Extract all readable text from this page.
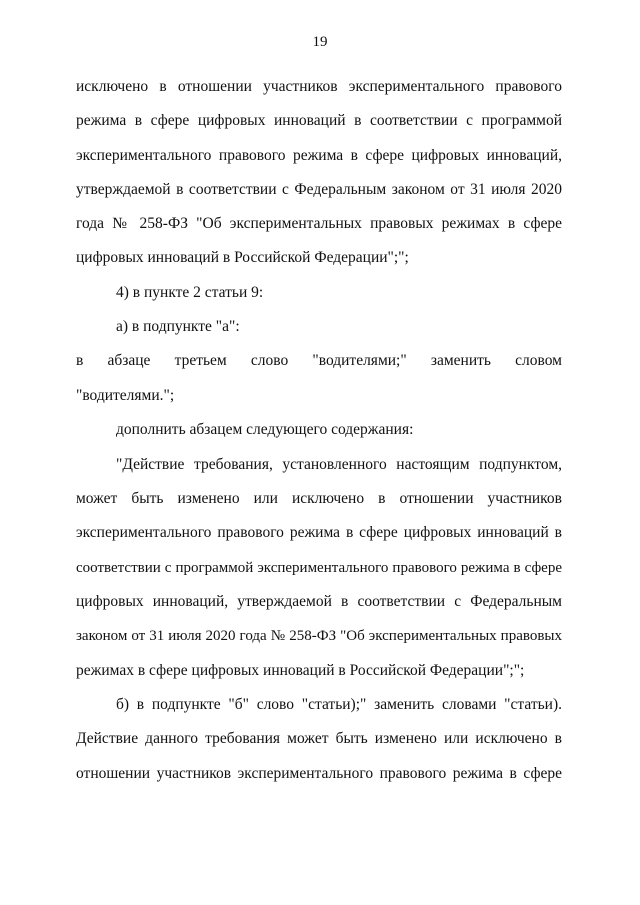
19
исключено в отношении участников экспериментального правового
режима в сфере цифровых инноваций в соответствии с программой
экспериментального правового режима в сфере цифровых инноваций,
утверждаемой в соответствии с Федеральным законом от 31 июля 2020
года № 258-ФЗ "Об экспериментальных правовых режимах в сфере
цифровых инноваций в Российской Федерации";";
4) в пункте 2 статьи 9:
а) в подпункте "а":
в абзаце третьем слово "водителями;" заменить словом
"водителями.";
дополнить абзацем следующего содержания:
"Действие требования, установленного настоящим подпунктом,
может быть изменено или исключено в отношении участников
экспериментального правового режима в сфере цифровых инноваций в
соответствии с программой экспериментального правового режима в сфере
цифровых инноваций, утверждаемой в соответствии с Федеральным
законом от 31 июля 2020 года № 258-ФЗ "Об экспериментальных правовых
режимах в сфере цифровых инноваций в Российской Федерации";";
б) в подпункте "б" слово "статьи);" заменить словами "статьи).
Действие данного требования может быть изменено или исключено в
отношении участников экспериментального правового режима в сфере
